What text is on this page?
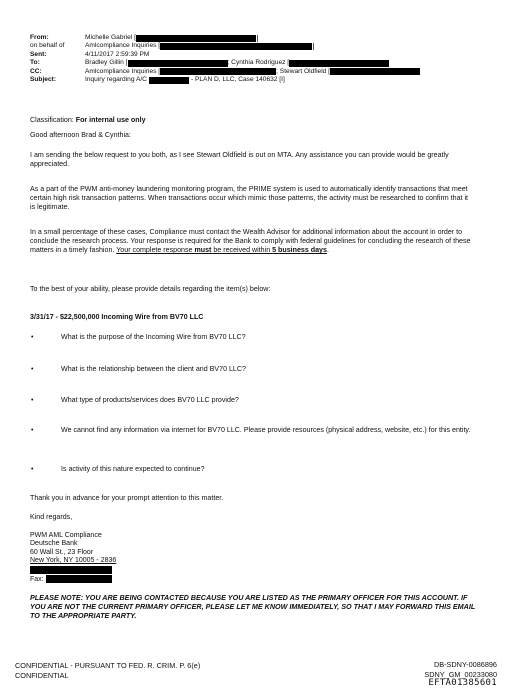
From:	Michelle Gabriel [
on behalf of	Amlcompliance Inquiries [
Sent:	4/11/2017 2:59:39 PM
To:	Bradley Gillin [	; Cynthia Rodriguez [
CC:	Amlcompliance Inquiries [	; Stewart Oldfield [
Subject:	Inquiry regarding A/C	- PLAN D, LLC, Case 140632 [I]
Classification: For internal use only
Good afternoon Brad & Cynthia:
I am sending the below request to you both, as I see Stewart Oldfield is out on MTA. Any assistance you can provide would be greatly appreciated.
As a part of the PWM anti-money laundering monitoring program, the PRIME system is used to automatically identify transactions that meet certain high risk transaction patterns. When transactions occur which mimic those patterns, the activity must be researched to confirm that it is legitimate.
In a small percentage of these cases, Compliance must contact the Wealth Advisor for additional information about the account in order to conclude the research process. Your response is required for the Bank to comply with federal guidelines for concluding the research of these matters in a timely fashion. Your complete response must be received within 5 business days.
To the best of your ability, please provide details regarding the item(s) below:
3/31/17 - $22,500,000 Incoming Wire from BV70 LLC
•	What is the purpose of the Incoming Wire from BV70 LLC?
•	What is the relationship between the client and BV70 LLC?
•	What type of products/services does BV70 LLC provide?
•	We cannot find any information via internet for BV70 LLC. Please provide resources (physical address, website, etc.) for this entity.
•	Is activity of this nature expected to continue?
Thank you in advance for your prompt attention to this matter.
Kind regards,
PWM AML Compliance
Deutsche Bank
60 Wall St., 23 Floor
New York, NY 10005 - 2836
Fax:
PLEASE NOTE: YOU ARE BEING CONTACTED BECAUSE YOU ARE LISTED AS THE PRIMARY OFFICER FOR THIS ACCOUNT. IF YOU ARE NOT THE CURRENT PRIMARY OFFICER, PLEASE LET ME KNOW IMMEDIATELY, SO THAT I MAY FORWARD THIS EMAIL TO THE APPROPRIATE PARTY.
CONFIDENTIAL - PURSUANT TO FED. R. CRIM. P. 6(e)
CONFIDENTIAL
DB-SDNY-0086896
SDNY_GM_00233080
EFTA01385601
